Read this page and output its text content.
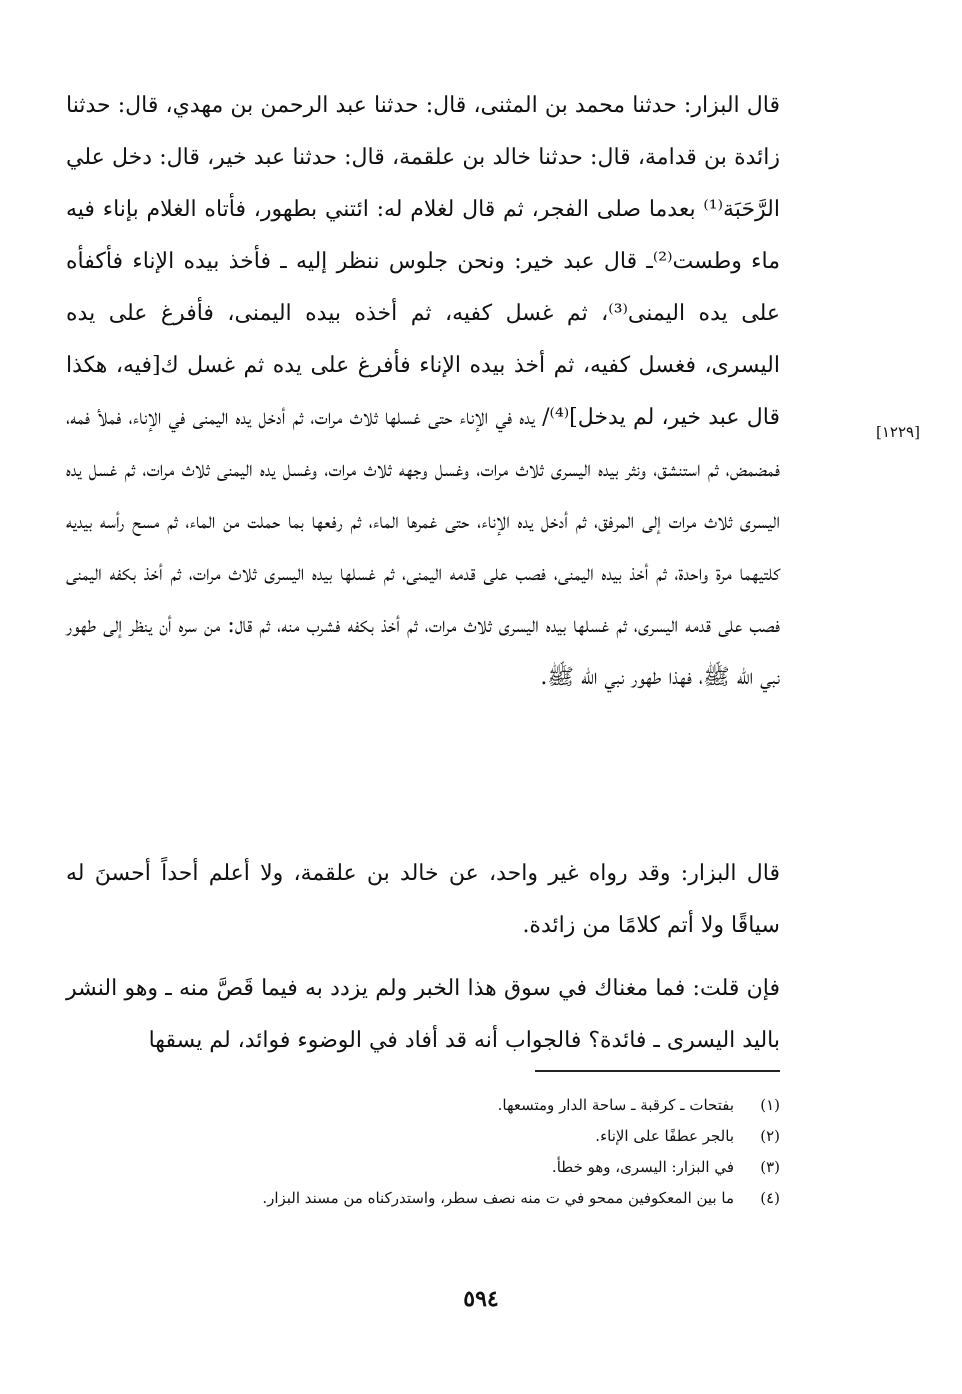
قال البزار: حدثنا محمد بن المثنى، قال: حدثنا عبد الرحمن بن مهدي، قال: حدثنا زائدة بن قدامة، قال: حدثنا خالد بن علقمة، قال: حدثنا عبد خير، قال: دخل علي الرَّحَبَة⁽¹⁾ بعدما صلى الفجر، ثم قال لغلام له: ائتني بطهور، فأتاه الغلام بإناء فيه ماء وطست⁽²⁾ـ قال عبد خير: ونحن جلوس ننظر إليه ـ فأخذ بيده الإناء فأكفأه على يده اليمنى⁽³⁾، ثم غسل كفيه، ثم أخذه بيده اليمنى، فأفرغ على يده اليسرى، فغسل كفيه، ثم أخذ بيده الإناء فأفرغ على يده ثم غسل ك[فيه، هكذا قال عبد خير، لم يدخل]⁽⁴⁾/ يده في الإناء حتى غسلها ثلاث مرات، ثم أدخل يده اليمنى في الإناء، فملأ فمه، فمضمض، ثم استنشق، ونثر بيده اليسرى ثلاث مرات، وغسل وجهه ثلاث مرات، وغسل يده اليمنى ثلاث مرات، ثم غسل يده اليسرى ثلاث مرات إلى المرفق، ثم أدخل يده الإناء، حتى غمرها الماء، ثم رفعها بما حملت من الماء، ثم مسح رأسه بيديه كلتيهما مرة واحدة، ثم أخذ بيده اليمنى، فصب على قدمه اليمنى، ثم غسلها بيده اليسرى ثلاث مرات، ثم أخذ بكفه اليمنى فصب على قدمه اليسرى، ثم غسلها بيده اليسرى ثلاث مرات، ثم أخذ بكفه فشرب منه، ثم قال: من سره أن ينظر إلى طهور نبي الله ﷺ، فهذا طهور نبي الله ﷺ.
[١٢٢٩]
قال البزار: وقد رواه غير واحد، عن خالد بن علقمة، ولا أعلم أحداً أحسنَ له سياقًا ولا أتم كلامًا من زائدة.
فإن قلت: فما مغناك في سوق هذا الخبر ولم يزدد به فيما قَصَّ منه ـ وهو النشر باليد اليسرى ـ فائدة؟ فالجواب أنه قد أفاد في الوضوء فوائد، لم يسقها
(١)
بفتحات ـ كرقبة ـ ساحة الدار ومتسعها.
(٢)
بالجر عطفًا على الإناء.
(٣)
في البزار: اليسرى، وهو خطأ.
(٤)
ما بين المعكوفين ممحو في ت منه نصف سطر، واستدركناه من مسند البزار.
٥٩٤
